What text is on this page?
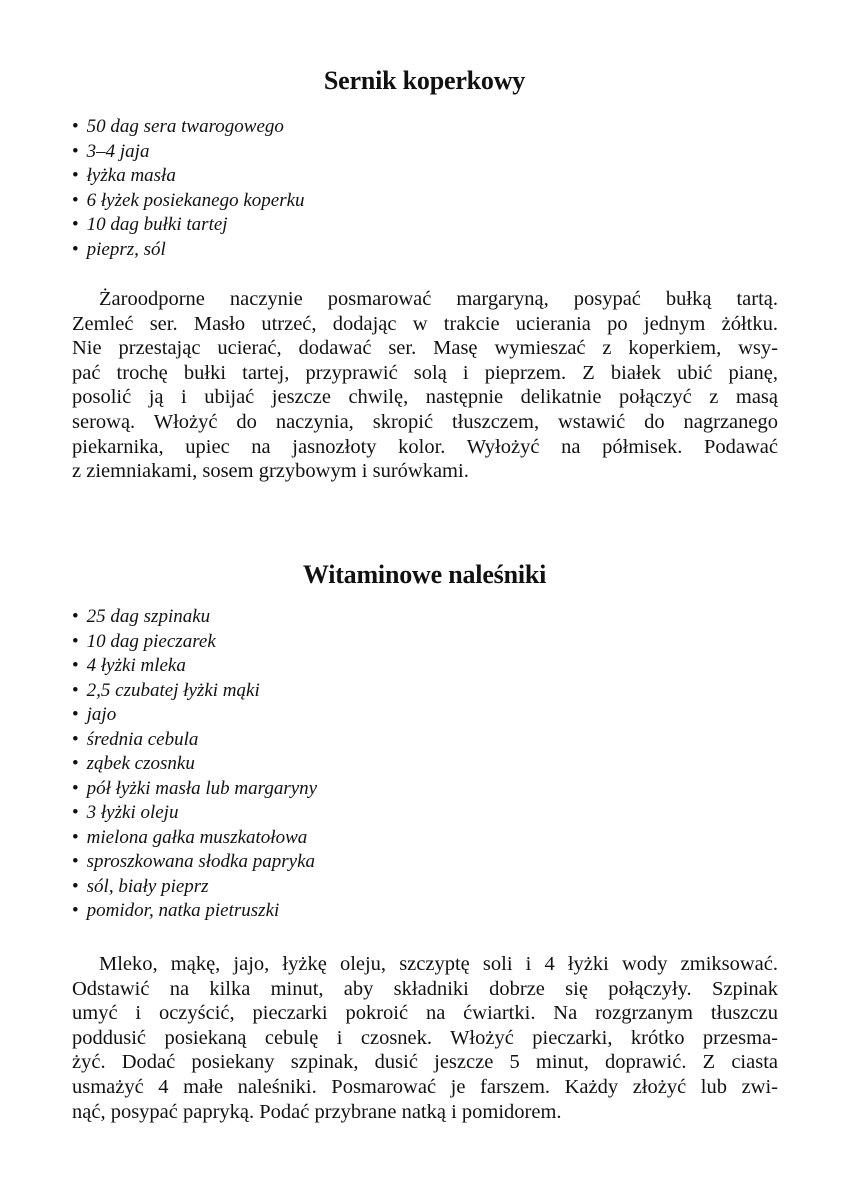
wedlinydomowe.pl
Sernik koperkowy
• 50 dag sera twarogowego
• 3–4 jaja
• łyżka masła
• 6 łyżek posiekanego koperku
• 10 dag bułki tartej
• pieprz, sól
Żaroodporne naczynie posmarować margaryną, posypać bułką tartą.
Zemleć ser. Masło utrzeć, dodając w trakcie ucierania po jednym żółtku.
Nie przestając ucierać, dodawać ser. Masę wymieszać z koperkiem, wsy-
pać trochę bułki tartej, przyprawić solą i pieprzem. Z białek ubić pianę,
posolić ją i ubijać jeszcze chwilę, następnie delikatnie połączyć z masą
serową. Włożyć do naczynia, skropić tłuszczem, wstawić do nagrzanego
piekarnika, upiec na jasnozłoty kolor. Wyłożyć na półmisek. Podawać
z ziemniakami, sosem grzybowym i surówkami.
Witaminowe naleśniki
• 25 dag szpinaku
• 10 dag pieczarek
• 4 łyżki mleka
• 2,5 czubatej łyżki mąki
• jajo
• średnia cebula
• ząbek czosnku
• pół łyżki masła lub margaryny
• 3 łyżki oleju
• mielona gałka muszkatołowa
• sproszkowana słodka papryka
• sól, biały pieprz
• pomidor, natka pietruszki
Mleko, mąkę, jajo, łyżkę oleju, szczyptę soli i 4 łyżki wody zmiksować.
Odstawić na kilka minut, aby składniki dobrze się połączyły. Szpinak
umyć i oczyścić, pieczarki pokroić na ćwiartki. Na rozgrzanym tłuszczu
poddusić posiekaną cebulę i czosnek. Włożyć pieczarki, krótko przesma-
żyć. Dodać posiekany szpinak, dusić jeszcze 5 minut, doprawić. Z ciasta
usmażyć 4 małe naleśniki. Posmarować je farszem. Każdy złożyć lub zwi-
nąć, posypać papryką. Podać przybrane natką i pomidorem.
